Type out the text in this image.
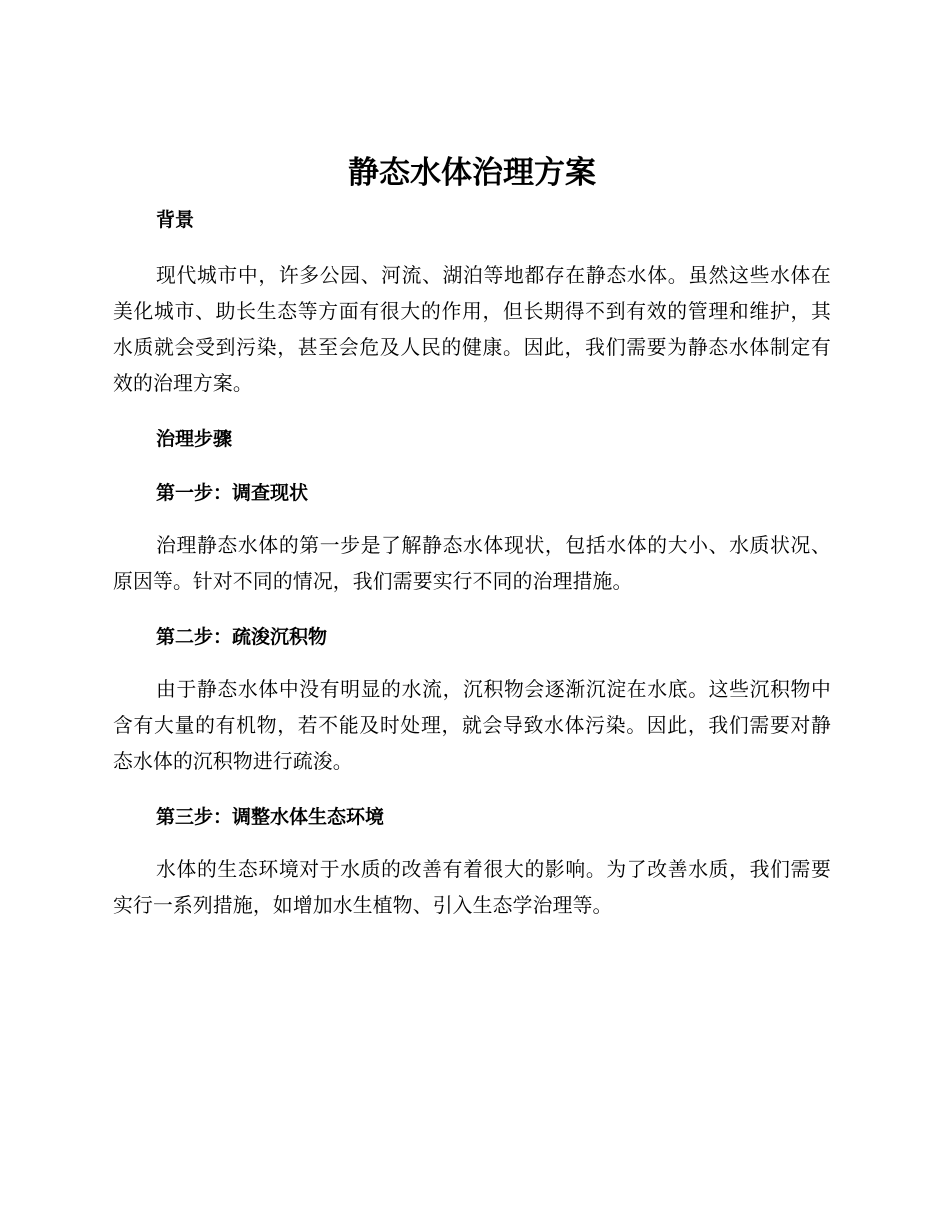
静态水体治理方案
背景

现代城市中，许多公园、河流、湖泊等地都存在静态水体。虽然这些水体在美化城市、助长生态等方面有很大的作用，但长期得不到有效的管理和维护，其水质就会受到污染，甚至会危及人民的健康。因此，我们需要为静态水体制定有效的治理方案。

治理步骤
第一步：调查现状

治理静态水体的第一步是了解静态水体现状，包括水体的大小、水质状况、原因等。针对不同的情况，我们需要实行不同的治理措施。

第二步：疏浚沉积物

由于静态水体中没有明显的水流，沉积物会逐渐沉淀在水底。这些沉积物中含有大量的有机物，若不能及时处理，就会导致水体污染。因此，我们需要对静态水体的沉积物进行疏浚。

第三步：调整水体生态环境

水体的生态环境对于水质的改善有着很大的影响。为了改善水质，我们需要实行一系列措施，如增加水生植物、引入生态学治理等。
